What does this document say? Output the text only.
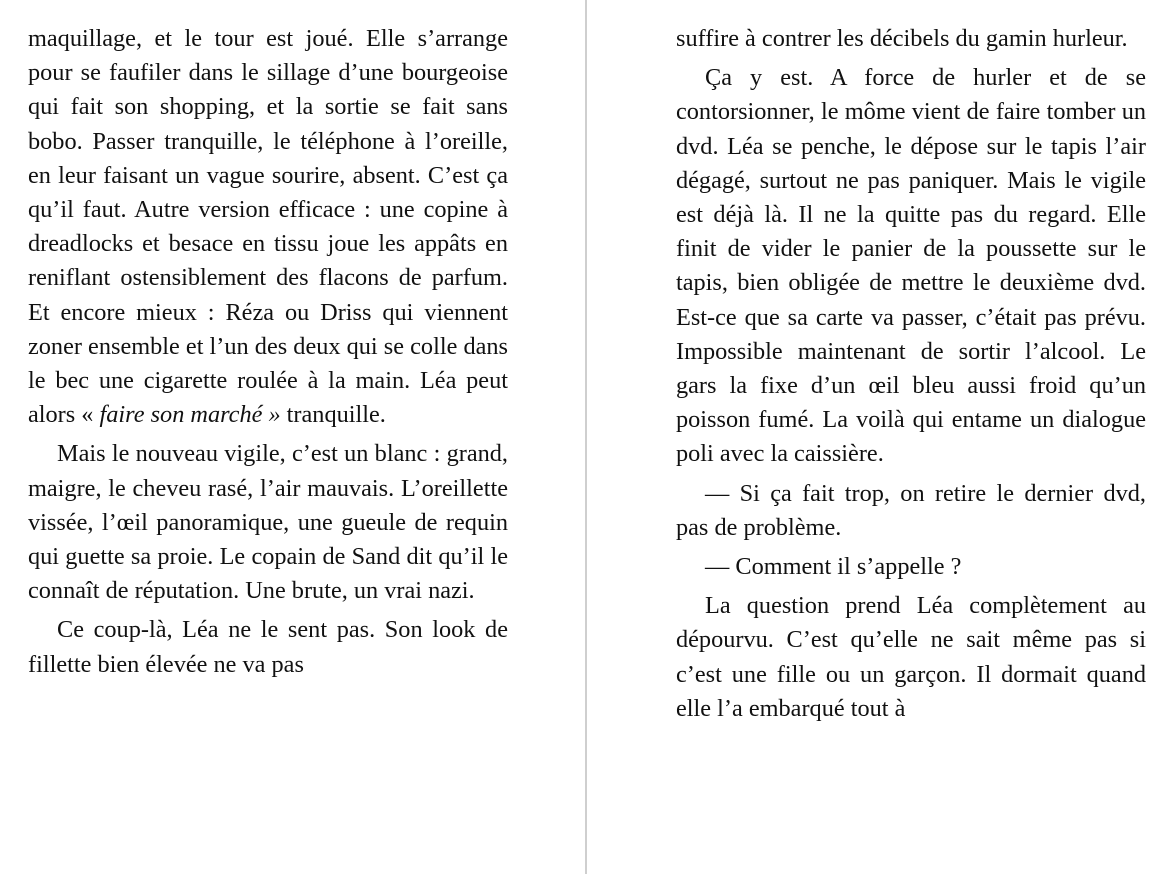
maquillage, et le tour est joué. Elle s’arrange pour se faufiler dans le sillage d’une bourgeoise qui fait son shopping, et la sortie se fait sans bobo. Passer tranquille, le téléphone à l’oreille, en leur faisant un vague sourire, absent. C’est ça qu’il faut. Autre version efficace : une copine à dreadlocks et besace en tissu joue les appâts en reniflant ostensiblement des flacons de parfum. Et encore mieux : Réza ou Driss qui viennent zoner ensemble et l’un des deux qui se colle dans le bec une cigarette roulée à la main. Léa peut alors « faire son marché » tranquille.

Mais le nouveau vigile, c’est un blanc : grand, maigre, le cheveu rasé, l’air mauvais. L’oreillette vissée, l’œil panoramique, une gueule de requin qui guette sa proie. Le copain de Sand dit qu’il le connaît de réputation. Une brute, un vrai nazi.

Ce coup-là, Léa ne le sent pas. Son look de fillette bien élevée ne va pas

suffire à contrer les décibels du gamin hurleur.

Ça y est. A force de hurler et de se contorsionner, le môme vient de faire tomber un dvd. Léa se penche, le dépose sur le tapis l’air dégagé, surtout ne pas paniquer. Mais le vigile est déjà là. Il ne la quitte pas du regard. Elle finit de vider le panier de la poussette sur le tapis, bien obligée de mettre le deuxième dvd. Est-ce que sa carte va passer, c’était pas prévu. Impossible maintenant de sortir l’alcool. Le gars la fixe d’un œil bleu aussi froid qu’un poisson fumé. La voilà qui entame un dialogue poli avec la caissière.

— Si ça fait trop, on retire le dernier dvd, pas de problème.

— Comment il s’appelle ?

La question prend Léa complètement au dépourvu. C’est qu’elle ne sait même pas si c’est une fille ou un garçon. Il dormait quand elle l’a embarqué tout à
